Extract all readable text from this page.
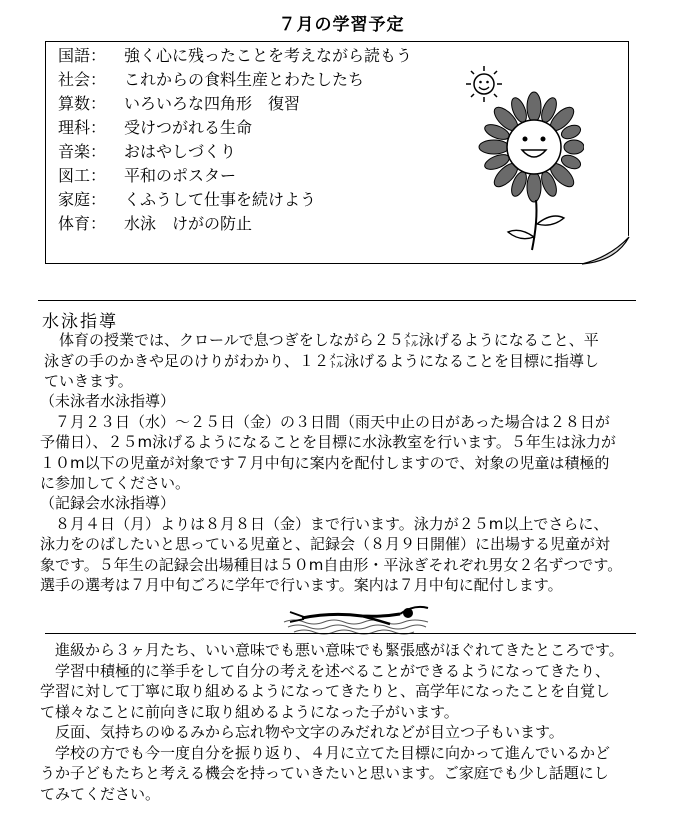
７月の学習予定
国語： 強く心に残ったことを考えながら読もう
社会： これからの食料生産とわたしたち
算数： いろいろな四角形　復習
理科： 受けつがれる生命
音楽： おはやしづくり
図工： 平和のポスター
家庭： くふうして仕事を続けよう
体育： 水泳　けがの防止
水泳指導
　体育の授業では、クロールで息つぎをしながら２５㍍泳げるようになること、平
泳ぎの手のかきや足のけりがわかり、１２㍍泳げるようになることを目標に指導し
ていきます。
（未泳者水泳指導）
　７月２３日（水）～２５日（金）の３日間（雨天中止の日があった場合は２８日が
予備日）、２５m泳げるようになることを目標に水泳教室を行います。５年生は泳力が
１０m以下の児童が対象です７月中旬に案内を配付しますので、対象の児童は積極的
に参加してください。
（記録会水泳指導）
　８月４日（月）よりは８月８日（金）まで行います。泳力が２５m以上でさらに、
泳力をのばしたいと思っている児童と、記録会（８月９日開催）に出場する児童が対
象です。５年生の記録会出場種目は５０m自由形・平泳ぎそれぞれ男女２名ずつです。
選手の選考は７月中旬ごろに学年で行います。案内は７月中旬に配付します。
　進級から３ヶ月たち、いい意味でも悪い意味でも緊張感がほぐれてきたところです。
　学習中積極的に挙手をして自分の考えを述べることができるようになってきたり、
学習に対して丁寧に取り組めるようになってきたりと、高学年になったことを自覚し
て様々なことに前向きに取り組めるようになった子がいます。
　反面、気持ちのゆるみから忘れ物や文字のみだれなどが目立つ子もいます。
　学校の方でも今一度自分を振り返り、４月に立てた目標に向かって進んでいるかど
うか子どもたちと考える機会を持っていきたいと思います。ご家庭でも少し話題にし
てみてください。
